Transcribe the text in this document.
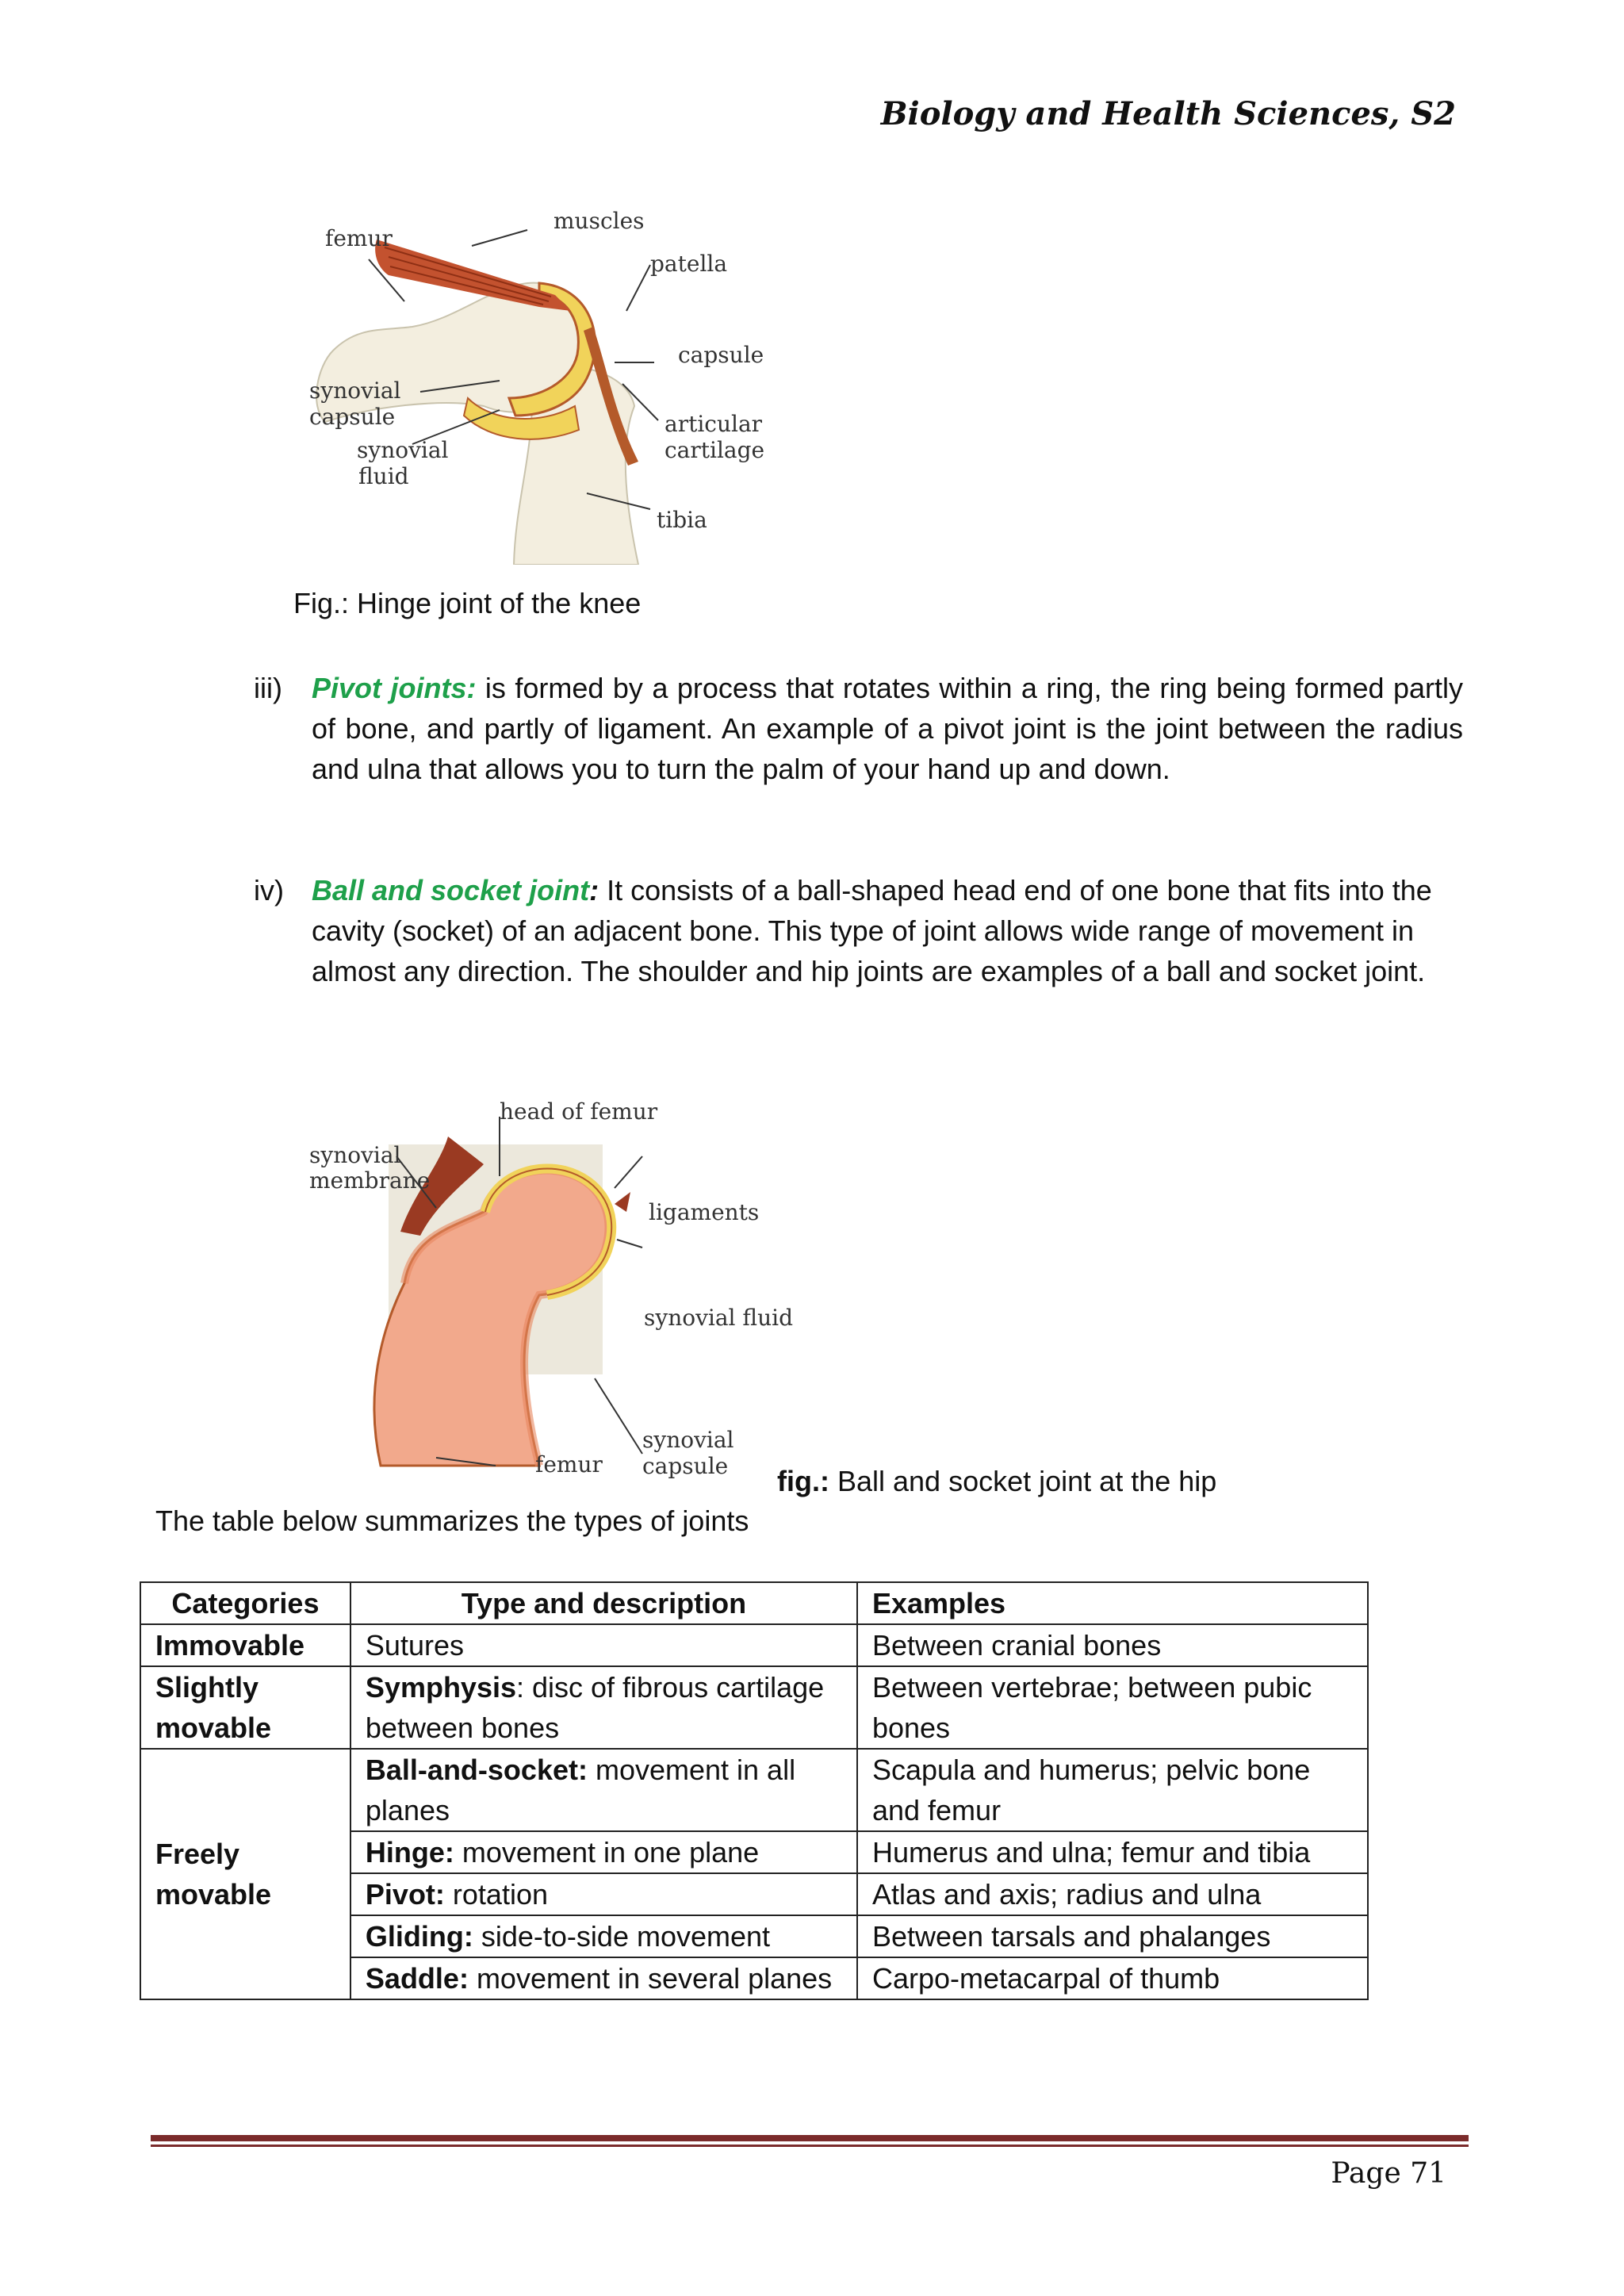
Biology and Health Sciences, S2
femur
muscles
patella
capsule
synovial
capsule
synovial
fluid
articular
cartilage
tibia
Fig.: Hinge joint of the knee
iii)	Pivot joints: is formed by a process that rotates within a ring, the ring being formed partly of bone, and partly of ligament. An example of a pivot joint is the joint between the radius and ulna that allows you to turn the palm of your hand up and down.
iv) Ball and socket joint: It consists of a ball-shaped head end of one bone that fits into the cavity (socket) of an adjacent bone. This type of joint allows wide range of movement in almost any direction. The shoulder and hip joints are examples of a ball and socket joint.
head of femur
synovial
membrane
ligaments
synovial fluid
femur
synovial
capsule fig.: Ball and socket joint at the hip
The table below summarizes the types of joints
Categories	Type and description	Examples
Immovable	Sutures	Between cranial bones
Slightly movable	Symphysis: disc of fibrous cartilage between bones	Between vertebrae; between pubic bones
Freely movable	Ball-and-socket: movement in all planes	Scapula and humerus; pelvic bone and femur
	Hinge: movement in one plane	Humerus and ulna; femur and tibia
	Pivot: rotation	Atlas and axis; radius and ulna
	Gliding: side-to-side movement	Between tarsals and phalanges
	Saddle: movement in several planes	Carpo-metacarpal of thumb
Page 71
